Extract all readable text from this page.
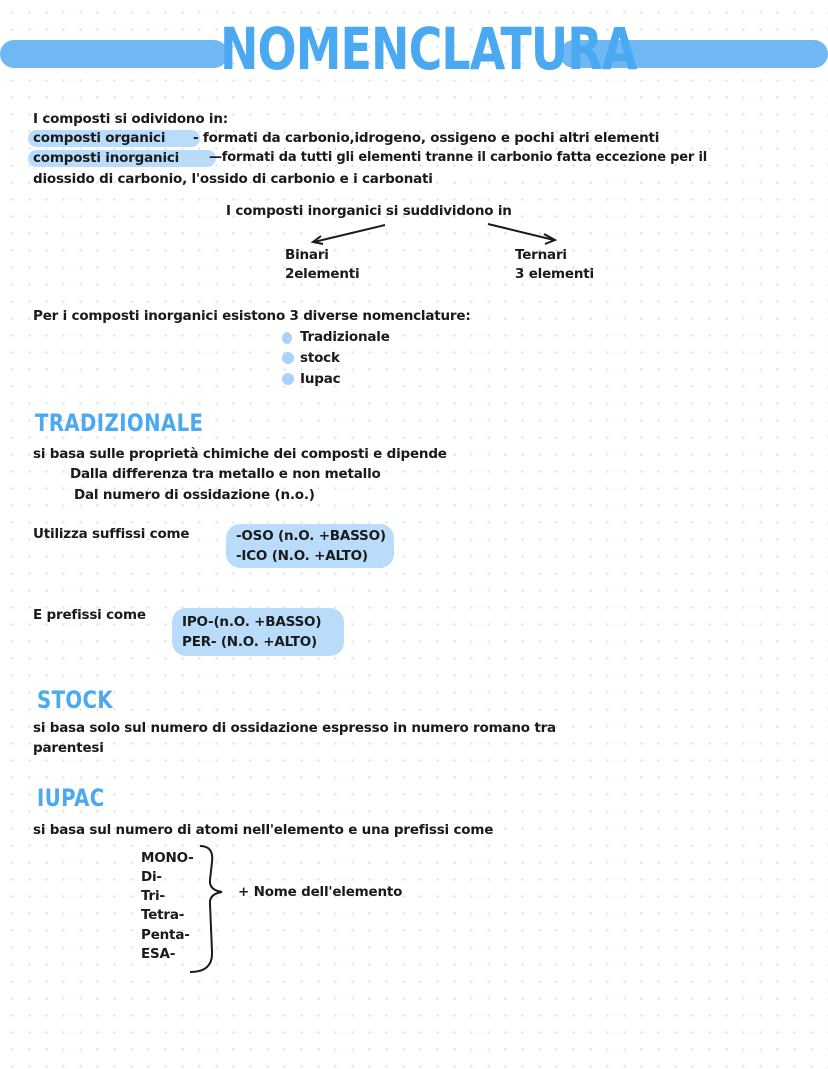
NOMENCLATURA
I composti si odividono in:
composti organici - formati da carbonio,idrogeno, ossigeno e pochi altri elementi
composti inorganici —formati da tutti gli elementi tranne il carbonio fatta eccezione per il
diossido di carbonio, l'ossido di carbonio e i carbonati
I composti inorganici si suddividono in
Binari
2elementi
Ternari
3 elementi
Per i composti inorganici esistono 3 diverse nomenclature:
Tradizionale
stock
Iupac
TRADIZIONALE
si basa sulle proprietà chimiche dei composti e dipende
Dalla differenza tra metallo e non metallo
Dal numero di ossidazione (n.o.)
Utilizza suffissi come	-OSO (n.O. +BASSO)
-ICO (N.O. +ALTO)
E prefissi come	IPO-(n.O. +BASSO)
PER- (N.O. +ALTO)
STOCK
si basa solo sul numero di ossidazione espresso in numero romano tra
parentesi
IUPAC
si basa sul numero di atomi nell'elemento e una prefissi come
MONO-
Di-
Tri-
Tetra-
Penta-
ESA-
+ Nome dell'elemento
